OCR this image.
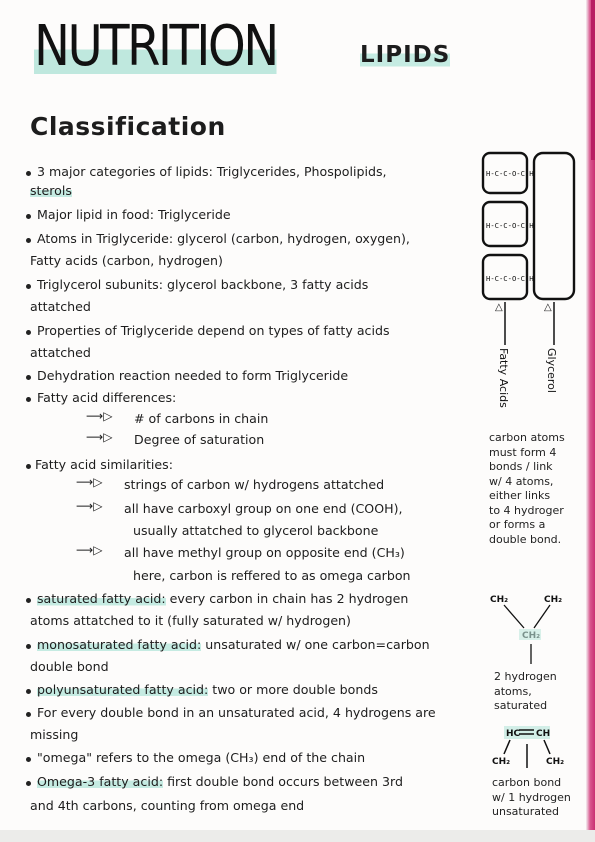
NUTRITION	LIPIDS
Classification
3 major categories of lipids: Triglycerides, Phospolipids,
sterols
Major lipid in food: Triglyceride
Atoms in Triglyceride: glycerol (carbon, hydrogen, oxygen),
Fatty acids (carbon, hydrogen)
Triglycerol subunits: glycerol backbone, 3 fatty acids
attatched
Properties of Triglyceride depend on types of fatty acids
attatched
Dehydration reaction needed to form Triglyceride
Fatty acid differences:
⟶▷ # of carbons in chain
⟶▷ Degree of saturation
Fatty acid similarities:
⟶▷ strings of carbon w/ hydrogens attatched
⟶▷ all have carboxyl group on one end (COOH),
usually attatched to glycerol backbone
⟶▷ all have methyl group on opposite end (CH₃)
here, carbon is reffered to as omega carbon
saturated fatty acid: every carbon in chain has 2 hydrogen
atoms attatched to it (fully saturated w/ hydrogen)
monosaturated fatty acid: unsaturated w/ one carbon=carbon
double bond
polyunsaturated fatty acid: two or more double bonds
For every double bond in an unsaturated acid, 4 hydrogens are
missing
"omega" refers to the omega (CH₃) end of the chain
Omega-3 fatty acid: first double bond occurs between 3rd
and 4th carbons, counting from omega end
H-C-C-O-C-H
H-C-C-O-C-H
H-C-C-O-C-H
△	△
Fatty Acids	Glycerol
carbon atoms
must form 4
bonds / link
w/ 4 atoms,
either links
to 4 hydroger
or forms a
double bond.
CH₂	CH₂
2 hydrogen
atoms,
saturated
HC CH
CH₂	CH₂
carbon bond
w/ 1 hydrogen
unsaturated
